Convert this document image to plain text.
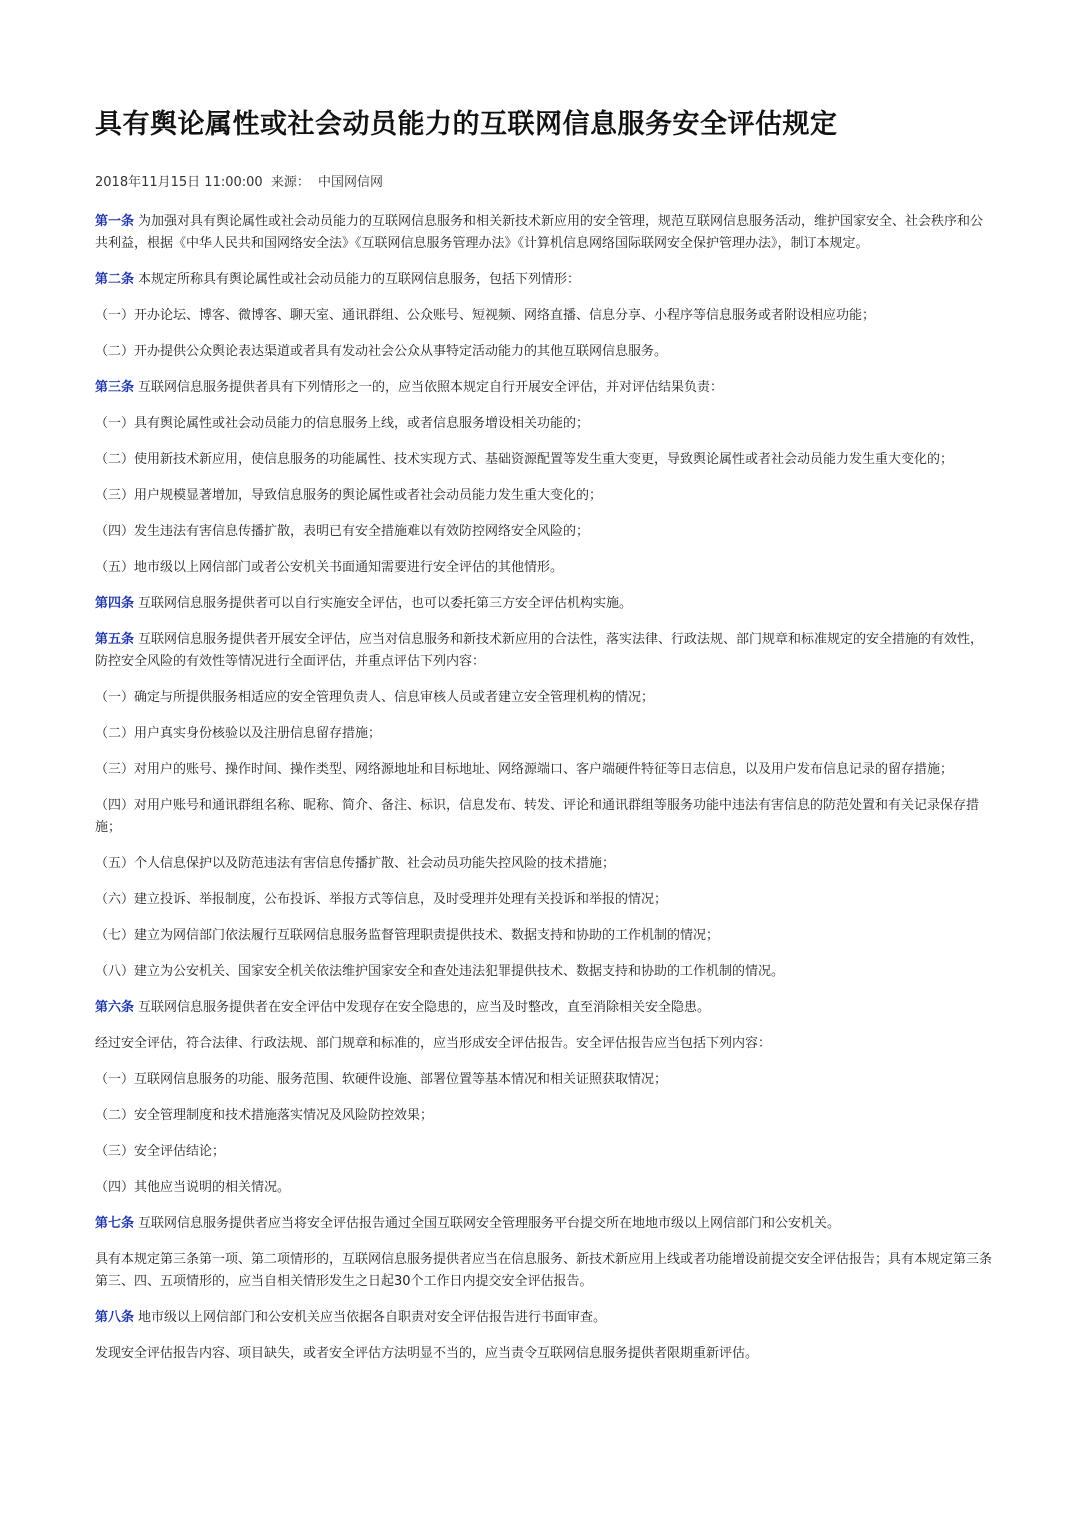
具有舆论属性或社会动员能力的互联网信息服务安全评估规定
2018年11月15日 11:00:00 来源： 中国网信网

第一条 为加强对具有舆论属性或社会动员能力的互联网信息服务和相关新技术新应用的安全管理，规范互联网信息服务活动，维护国家安全、社会秩序和公共利益，根据《中华人民共和国网络安全法》《互联网信息服务管理办法》《计算机信息网络国际联网安全保护管理办法》，制订本规定。

第二条 本规定所称具有舆论属性或社会动员能力的互联网信息服务，包括下列情形：

（一）开办论坛、博客、微博客、聊天室、通讯群组、公众账号、短视频、网络直播、信息分享、小程序等信息服务或者附设相应功能；

（二）开办提供公众舆论表达渠道或者具有发动社会公众从事特定活动能力的其他互联网信息服务。

第三条 互联网信息服务提供者具有下列情形之一的，应当依照本规定自行开展安全评估，并对评估结果负责：

（一）具有舆论属性或社会动员能力的信息服务上线，或者信息服务增设相关功能的；

（二）使用新技术新应用，使信息服务的功能属性、技术实现方式、基础资源配置等发生重大变更，导致舆论属性或者社会动员能力发生重大变化的；

（三）用户规模显著增加，导致信息服务的舆论属性或者社会动员能力发生重大变化的；

（四）发生违法有害信息传播扩散，表明已有安全措施难以有效防控网络安全风险的；

（五）地市级以上网信部门或者公安机关书面通知需要进行安全评估的其他情形。

第四条 互联网信息服务提供者可以自行实施安全评估，也可以委托第三方安全评估机构实施。

第五条 互联网信息服务提供者开展安全评估，应当对信息服务和新技术新应用的合法性，落实法律、行政法规、部门规章和标准规定的安全措施的有效性，防控安全风险的有效性等情况进行全面评估，并重点评估下列内容：

（一）确定与所提供服务相适应的安全管理负责人、信息审核人员或者建立安全管理机构的情况；

（二）用户真实身份核验以及注册信息留存措施；

（三）对用户的账号、操作时间、操作类型、网络源地址和目标地址、网络源端口、客户端硬件特征等日志信息，以及用户发布信息记录的留存措施；

（四）对用户账号和通讯群组名称、昵称、简介、备注、标识，信息发布、转发、评论和通讯群组等服务功能中违法有害信息的防范处置和有关记录保存措施；

（五）个人信息保护以及防范违法有害信息传播扩散、社会动员功能失控风险的技术措施；

（六）建立投诉、举报制度，公布投诉、举报方式等信息，及时受理并处理有关投诉和举报的情况；

（七）建立为网信部门依法履行互联网信息服务监督管理职责提供技术、数据支持和协助的工作机制的情况；

（八）建立为公安机关、国家安全机关依法维护国家安全和查处违法犯罪提供技术、数据支持和协助的工作机制的情况。

第六条 互联网信息服务提供者在安全评估中发现存在安全隐患的，应当及时整改，直至消除相关安全隐患。

经过安全评估，符合法律、行政法规、部门规章和标准的，应当形成安全评估报告。安全评估报告应当包括下列内容：

（一）互联网信息服务的功能、服务范围、软硬件设施、部署位置等基本情况和相关证照获取情况；

（二）安全管理制度和技术措施落实情况及风险防控效果；

（三）安全评估结论；

（四）其他应当说明的相关情况。

第七条 互联网信息服务提供者应当将安全评估报告通过全国互联网安全管理服务平台提交所在地地市级以上网信部门和公安机关。

具有本规定第三条第一项、第二项情形的，互联网信息服务提供者应当在信息服务、新技术新应用上线或者功能增设前提交安全评估报告；具有本规定第三条第三、四、五项情形的，应当自相关情形发生之日起30个工作日内提交安全评估报告。

第八条 地市级以上网信部门和公安机关应当依据各自职责对安全评估报告进行书面审查。

发现安全评估报告内容、项目缺失，或者安全评估方法明显不当的，应当责令互联网信息服务提供者限期重新评估。
